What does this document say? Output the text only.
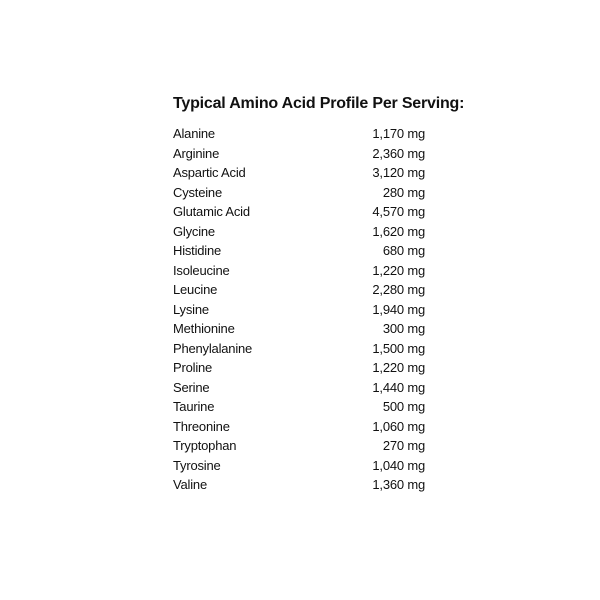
Typical Amino Acid Profile Per Serving:
Alanine	1,170 mg
Arginine	2,360 mg
Aspartic Acid	3,120 mg
Cysteine	280 mg
Glutamic Acid	4,570 mg
Glycine	1,620 mg
Histidine	680 mg
Isoleucine	1,220 mg
Leucine	2,280 mg
Lysine	1,940 mg
Methionine	300 mg
Phenylalanine	1,500 mg
Proline	1,220 mg
Serine	1,440 mg
Taurine	500 mg
Threonine	1,060 mg
Tryptophan	270 mg
Tyrosine	1,040 mg
Valine	1,360 mg
